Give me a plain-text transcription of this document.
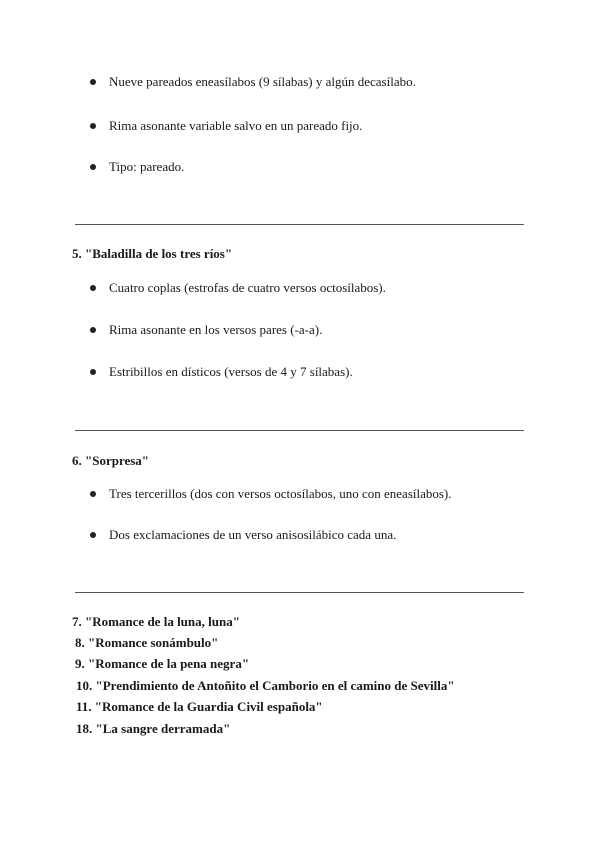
Nueve pareados eneasílabos (9 sílabas) y algún decasílabo.
Rima asonante variable salvo en un pareado fijo.
Tipo: pareado.
5. "Baladilla de los tres ríos"
Cuatro coplas (estrofas de cuatro versos octosílabos).
Rima asonante en los versos pares (-a-a).
Estribillos en dísticos (versos de 4 y 7 sílabas).
6. "Sorpresa"
Tres tercerillos (dos con versos octosílabos, uno con eneasílabos).
Dos exclamaciones de un verso anisosilábico cada una.
7. "Romance de la luna, luna"
8. "Romance sonámbulo"
9. "Romance de la pena negra"
10. "Prendimiento de Antoñito el Camborio en el camino de Sevilla"
11. "Romance de la Guardia Civil española"
18. "La sangre derramada"
